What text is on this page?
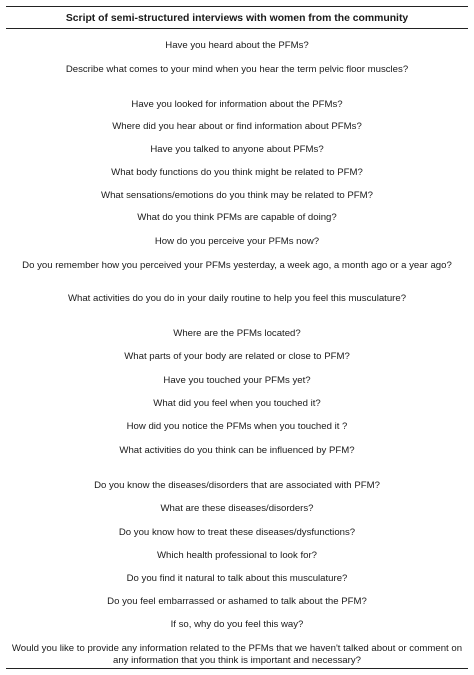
Script of semi-structured interviews with women from the community
Have you heard about the PFMs?
Describe what comes to your mind when you hear the term pelvic floor muscles?
Have you looked for information about the PFMs?
Where did you hear about or find information about PFMs?
Have you talked to anyone about PFMs?
What body functions do you think might be related to PFM?
What sensations/emotions do you think may be related to PFM?
What do you think PFMs are capable of doing?
How do you perceive your PFMs now?
Do you remember how you perceived your PFMs yesterday, a week ago, a month ago or a year ago?
What activities do you do in your daily routine to help you feel this musculature?
Where are the PFMs located?
What parts of your body are related or close to PFM?
Have you touched your PFMs yet?
What did you feel when you touched it?
How did you notice the PFMs when you touched it ?
What activities do you think can be influenced by PFM?
Do you know the diseases/disorders that are associated with PFM?
What are these diseases/disorders?
Do you know how to treat these diseases/dysfunctions?
Which health professional to look for?
Do you find it natural to talk about this musculature?
Do you feel embarrassed or ashamed to talk about the PFM?
If so, why do you feel this way?
Would you like to provide any information related to the PFMs that we haven't talked about or comment on any information that you think is important and necessary?
